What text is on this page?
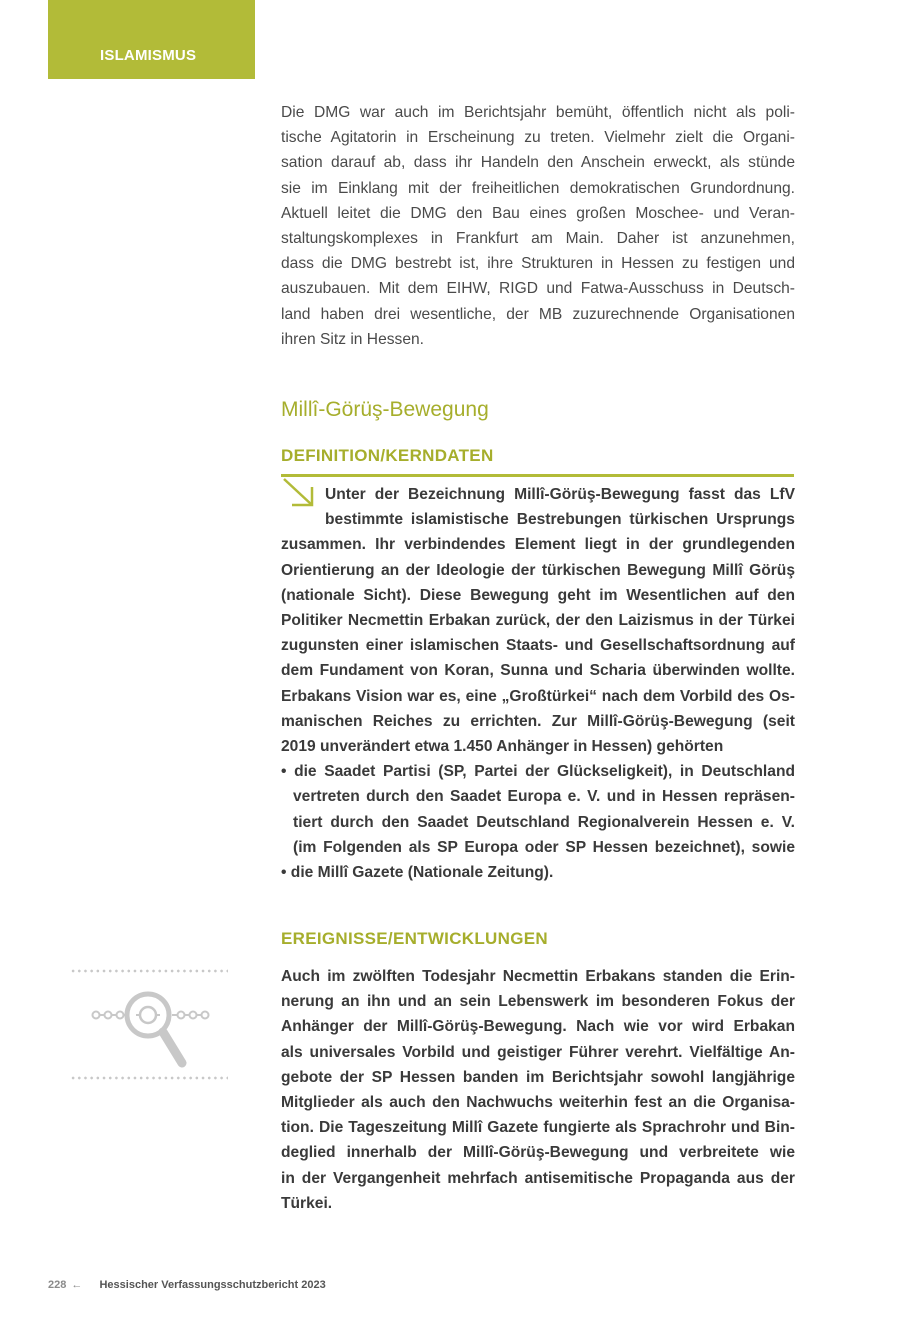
ISLAMISMUS
Die DMG war auch im Berichtsjahr bemüht, öffentlich nicht als poli-
tische Agitatorin in Erscheinung zu treten. Vielmehr zielt die Organi-
sation darauf ab, dass ihr Handeln den Anschein erweckt, als stünde
sie im Einklang mit der freiheitlichen demokratischen Grundordnung.
Aktuell leitet die DMG den Bau eines großen Moschee- und Veran-
staltungskomplexes in Frankfurt am Main. Daher ist anzunehmen,
dass die DMG bestrebt ist, ihre Strukturen in Hessen zu festigen und
auszubauen. Mit dem EIHW, RIGD und Fatwa-Ausschuss in Deutsch-
land haben drei wesentliche, der MB zuzurechnende Organisationen
ihren Sitz in Hessen.
Millî-Görüş-Bewegung
DEFINITION/KERNDATEN
Unter der Bezeichnung Millî-Görüş-Bewegung fasst das LfV
bestimmte islamistische Bestrebungen türkischen Ursprungs
zusammen. Ihr verbindendes Element liegt in der grundlegenden
Orientierung an der Ideologie der türkischen Bewegung Millî Görüş
(nationale Sicht). Diese Bewegung geht im Wesentlichen auf den
Politiker Necmettin Erbakan zurück, der den Laizismus in der Türkei
zugunsten einer islamischen Staats- und Gesellschaftsordnung auf
dem Fundament von Koran, Sunna und Scharia überwinden wollte.
Erbakans Vision war es, eine „Großtürkei“ nach dem Vorbild des Os-
manischen Reiches zu errichten. Zur Millî-Görüş-Bewegung (seit
2019 unverändert etwa 1.450 Anhänger in Hessen) gehörten
• die Saadet Partisi (SP, Partei der Glückseligkeit), in Deutschland
vertreten durch den Saadet Europa e. V. und in Hessen repräsen-
tiert durch den Saadet Deutschland Regionalverein Hessen e. V.
(im Folgenden als SP Europa oder SP Hessen bezeichnet), sowie
• die Millî Gazete (Nationale Zeitung).
EREIGNISSE/ENTWICKLUNGEN
Auch im zwölften Todesjahr Necmettin Erbakans standen die Erin-
nerung an ihn und an sein Lebenswerk im besonderen Fokus der
Anhänger der Millî-Görüş-Bewegung. Nach wie vor wird Erbakan
als universales Vorbild und geistiger Führer verehrt. Vielfältige An-
gebote der SP Hessen banden im Berichtsjahr sowohl langjährige
Mitglieder als auch den Nachwuchs weiterhin fest an die Organisa-
tion. Die Tageszeitung Millî Gazete fungierte als Sprachrohr und Bin-
deglied innerhalb der Millî-Görüş-Bewegung und verbreitete wie
in der Vergangenheit mehrfach antisemitische Propaganda aus der
Türkei.
228 ← Hessischer Verfassungsschutzbericht 2023
